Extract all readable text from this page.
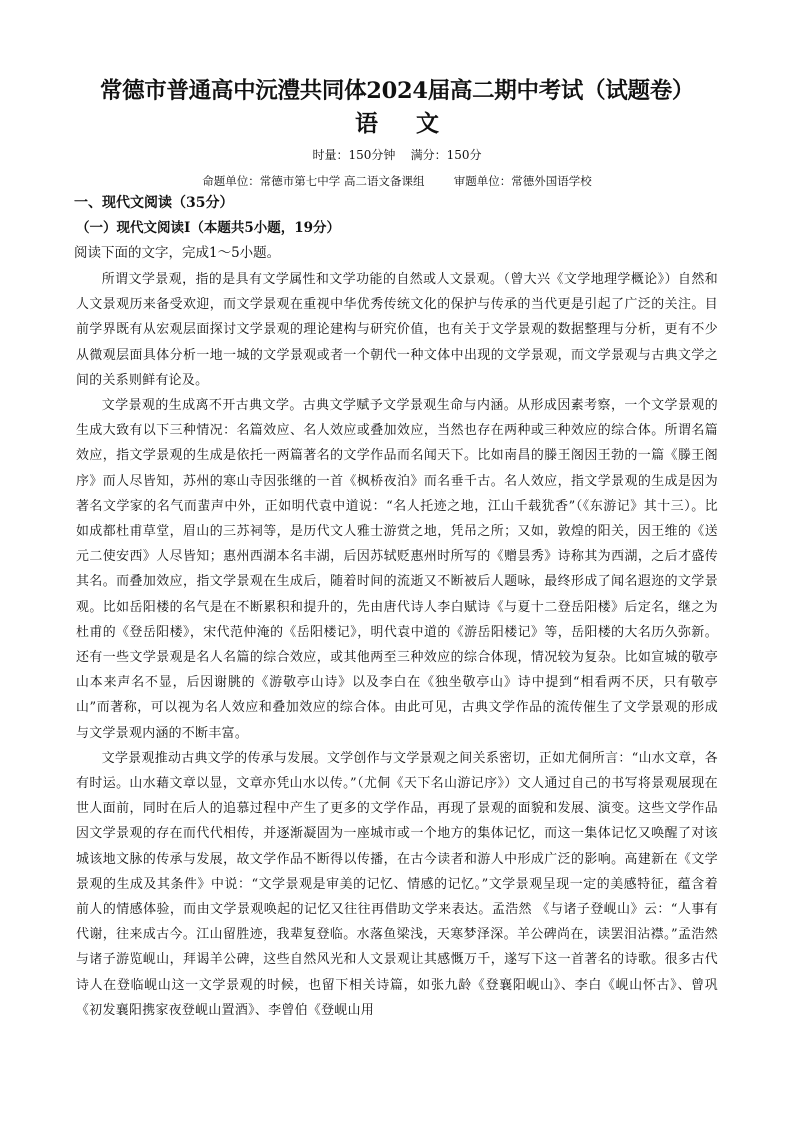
常德市普通高中沅澧共同体2024届高二期中考试（试题卷）
语 文
时量：150分钟    满分：150分
命题单位：常德市第七中学 高二语文备课组        审题单位：常德外国语学校
一、现代文阅读（35分）
（一）现代文阅读Ⅰ（本题共5小题，19分）
阅读下面的文字，完成1～5小题。

所谓文学景观，指的是具有文学属性和文学功能的自然或人文景观。（曾大兴《文学地理学概论》）自然和人文景观历来备受欢迎，而文学景观在重视中华优秀传统文化的保护与传承的当代更是引起了广泛的关注。目前学界既有从宏观层面探讨文学景观的理论建构与研究价值，也有关于文学景观的数据整理与分析，更有不少从微观层面具体分析一地一城的文学景观或者一个朝代一种文体中出现的文学景观，而文学景观与古典文学之间的关系则鲜有论及。

文学景观的生成离不开古典文学。古典文学赋予文学景观生命与内涵。从形成因素考察，一个文学景观的生成大致有以下三种情况：名篇效应、名人效应或叠加效应，当然也存在两种或三种效应的综合体。所谓名篇效应，指文学景观的生成是依托一两篇著名的文学作品而名闻天下。比如南昌的滕王阁因王勃的一篇《滕王阁序》而人尽皆知，苏州的寒山寺因张继的一首《枫桥夜泊》而名垂千古。名人效应，指文学景观的生成是因为著名文学家的名气而蜚声中外，正如明代袁中道说：“名人托迹之地，江山千载犹香”（《东游记》其十三）。比如成都杜甫草堂，眉山的三苏祠等，是历代文人雅士游赏之地，凭吊之所；又如，敦煌的阳关，因王维的《送元二使安西》人尽皆知；惠州西湖本名丰湖，后因苏轼贬惠州时所写的《赠昙秀》诗称其为西湖，之后才盛传其名。而叠加效应，指文学景观在生成后，随着时间的流逝又不断被后人题咏，最终形成了闻名遐迩的文学景观。比如岳阳楼的名气是在不断累积和提升的，先由唐代诗人李白赋诗《与夏十二登岳阳楼》后定名，继之为杜甫的《登岳阳楼》，宋代范仲淹的《岳阳楼记》，明代袁中道的《游岳阳楼记》等，岳阳楼的大名历久弥新。还有一些文学景观是名人名篇的综合效应，或其他两至三种效应的综合体现，情况较为复杂。比如宣城的敬亭山本来声名不显，后因谢朓的《游敬亭山诗》以及李白在《独坐敬亭山》诗中提到“相看两不厌，只有敬亭山”而著称，可以视为名人效应和叠加效应的综合体。由此可见，古典文学作品的流传催生了文学景观的形成与文学景观内涵的不断丰富。

文学景观推动古典文学的传承与发展。文学创作与文学景观之间关系密切，正如尤侗所言：“山水文章，各有时运。山水藉文章以显，文章亦凭山水以传。”（尤侗《天下名山游记序》）文人通过自己的书写将景观展现在世人面前，同时在后人的追慕过程中产生了更多的文学作品，再现了景观的面貌和发展、演变。这些文学作品因文学景观的存在而代代相传，并逐渐凝固为一座城市或一个地方的集体记忆，而这一集体记忆又唤醒了对该城该地文脉的传承与发展，故文学作品不断得以传播，在古今读者和游人中形成广泛的影响。高建新在《文学景观的生成及其条件》中说：“文学景观是审美的记忆、情感的记忆。”文学景观呈现一定的美感特征，蕴含着前人的情感体验，而由文学景观唤起的记忆又往往再借助文学来表达。孟浩然 《与诸子登岘山》云：“人事有代谢，往来成古今。江山留胜迹，我辈复登临。水落鱼梁浅，天寒梦泽深。羊公碑尚在，读罢泪沾襟。”孟浩然与诸子游览岘山，拜谒羊公碑，这些自然风光和人文景观让其感慨万千，遂写下这一首著名的诗歌。很多古代诗人在登临岘山这一文学景观的时候，也留下相关诗篇，如张九龄《登襄阳岘山》、李白《岘山怀古》、曾巩《初发襄阳携家夜登岘山置酒》、李曾伯《登岘山用
